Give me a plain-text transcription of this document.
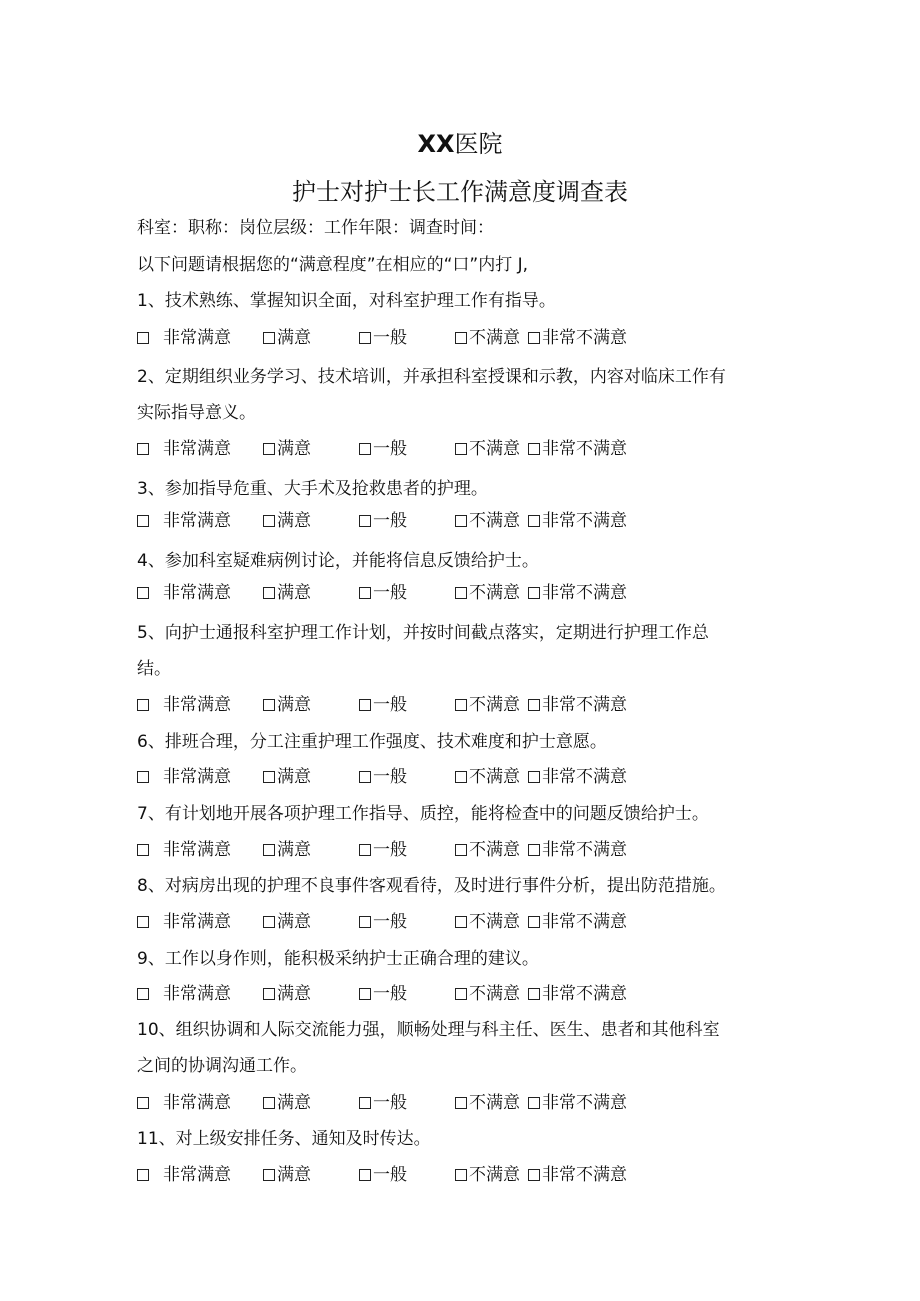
XX医院
护士对护士长工作满意度调查表
科室：职称：岗位层级：工作年限：调查时间：
以下问题请根据您的“满意程度”在相应的“口”内打 J,
1、技术熟练、掌握知识全面，对科室护理工作有指导。
非常满意	满意	一般	不满意	非常不满意
2、定期组织业务学习、技术培训，并承担科室授课和示教，内容对临床工作有
实际指导意义。
非常满意	满意	一般	不满意	非常不满意
3、参加指导危重、大手术及抢救患者的护理。
非常满意	满意	一般	不满意	非常不满意
4、参加科室疑难病例讨论，并能将信息反馈给护士。
非常满意	满意	一般	不满意	非常不满意
5、向护士通报科室护理工作计划，并按时间截点落实，定期进行护理工作总
结。
非常满意	满意	一般	不满意	非常不满意
6、排班合理，分工注重护理工作强度、技术难度和护士意愿。
非常满意	满意	一般	不满意	非常不满意
7、有计划地开展各项护理工作指导、质控，能将检查中的问题反馈给护士。
非常满意	满意	一般	不满意	非常不满意
8、对病房出现的护理不良事件客观看待，及时进行事件分析，提出防范措施。
非常满意	满意	一般	不满意	非常不满意
9、工作以身作则，能积极采纳护士正确合理的建议。
非常满意	满意	一般	不满意	非常不满意
10、组织协调和人际交流能力强，顺畅处理与科主任、医生、患者和其他科室
之间的协调沟通工作。
非常满意	满意	一般	不满意	非常不满意
11、对上级安排任务、通知及时传达。
非常满意	满意	一般	不满意	非常不满意
